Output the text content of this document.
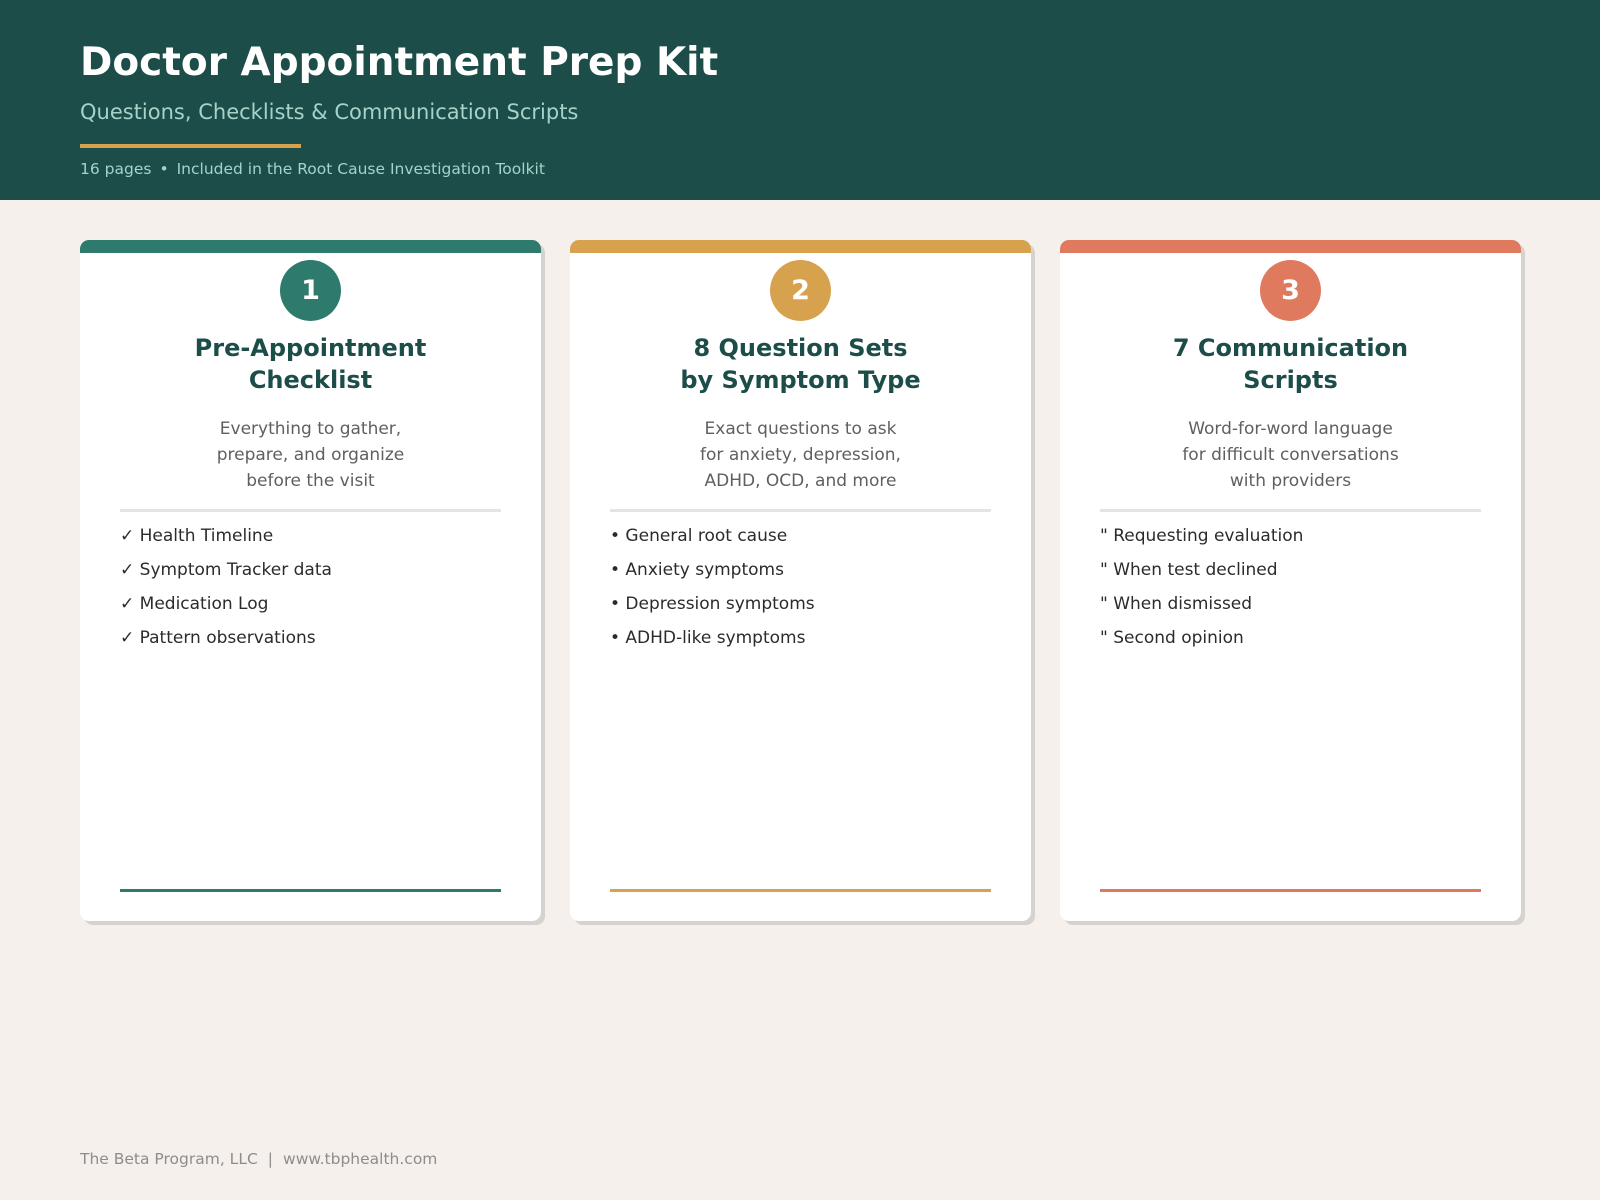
Doctor Appointment Prep Kit
Questions, Checklists & Communication Scripts
16 pages • Included in the Root Cause Investigation Toolkit
1
Pre-Appointment
Checklist
Everything to gather,
prepare, and organize
before the visit
✓ Health Timeline
✓ Symptom Tracker data
✓ Medication Log
✓ Pattern observations
2
8 Question Sets
by Symptom Type
Exact questions to ask
for anxiety, depression,
ADHD, OCD, and more
• General root cause
• Anxiety symptoms
• Depression symptoms
• ADHD-like symptoms
3
7 Communication
Scripts
Word-for-word language
for difficult conversations
with providers
" Requesting evaluation
" When test declined
" When dismissed
" Second opinion
The Beta Program, LLC | www.tbphealth.com
